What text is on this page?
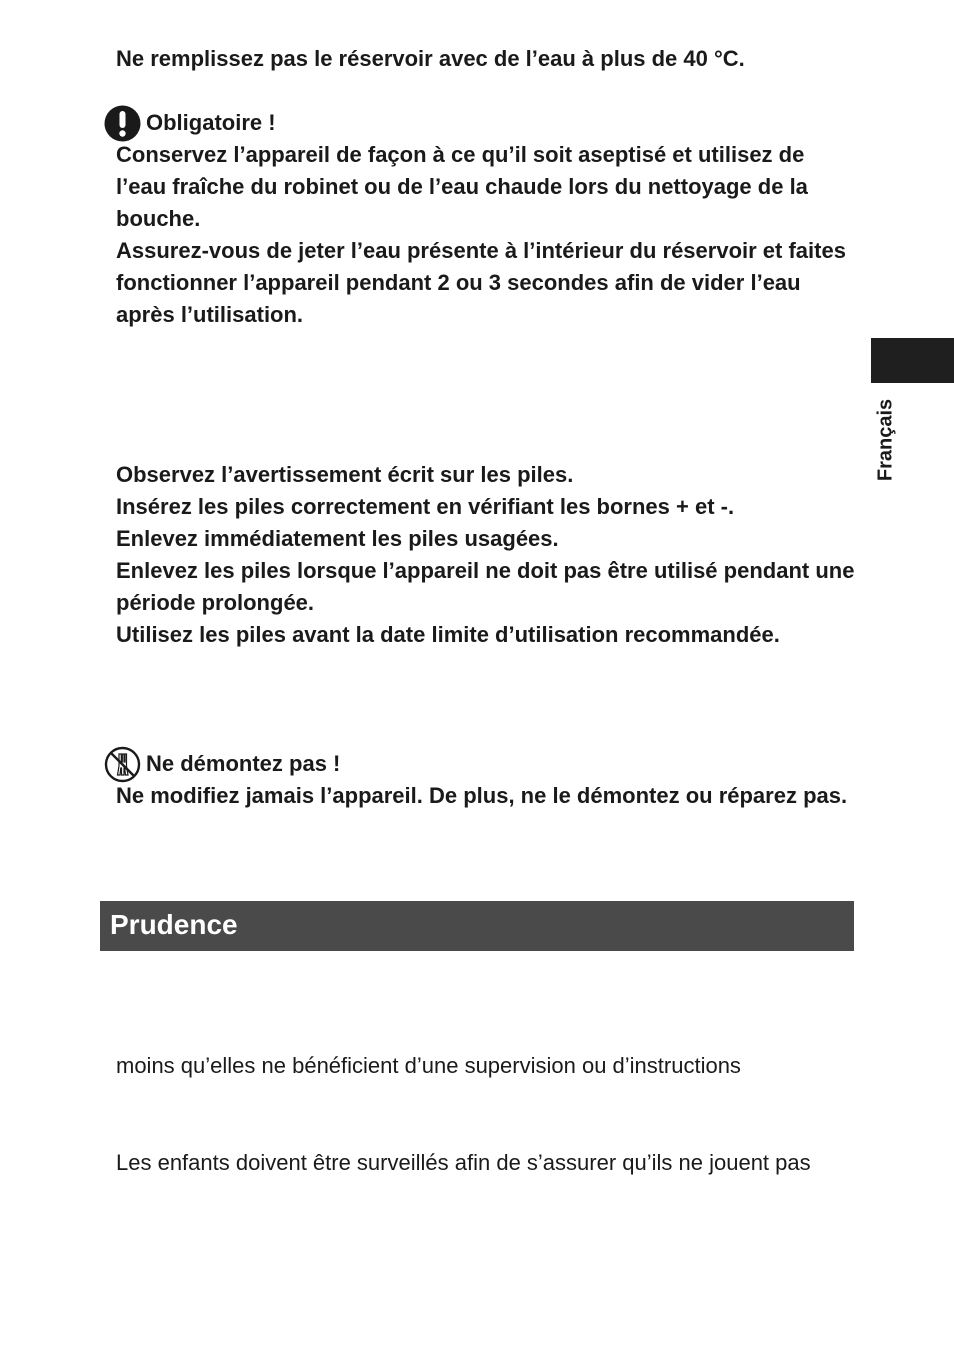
Ne remplissez pas le réservoir avec de l’eau à plus de 40 °C.
Obligatoire !

Conservez l’appareil de façon à ce qu’il soit aseptisé et utilisez de l’eau fraîche du robinet ou de l’eau chaude lors du nettoyage de la bouche.

Assurez-vous de jeter l’eau présente à l’intérieur du réservoir et faites fonctionner l’appareil pendant 2 ou 3 secondes afin de vider l’eau après l’utilisation.

Observez l’avertissement écrit sur les piles.
Insérez les piles correctement en vérifiant les bornes + et -.
Enlevez immédiatement les piles usagées.

Enlevez les piles lorsque l’appareil ne doit pas être utilisé pendant une période prolongée.

Utilisez les piles avant la date limite d’utilisation recommandée.
Ne démontez pas !

Ne modifiez jamais l’appareil. De plus, ne le démontez ou réparez pas.

Prudence
moins qu’elles ne bénéficient d’une supervision ou d’instructions
Les enfants doivent être surveillés afin de s’assurer qu’ils ne jouent pas
Français
